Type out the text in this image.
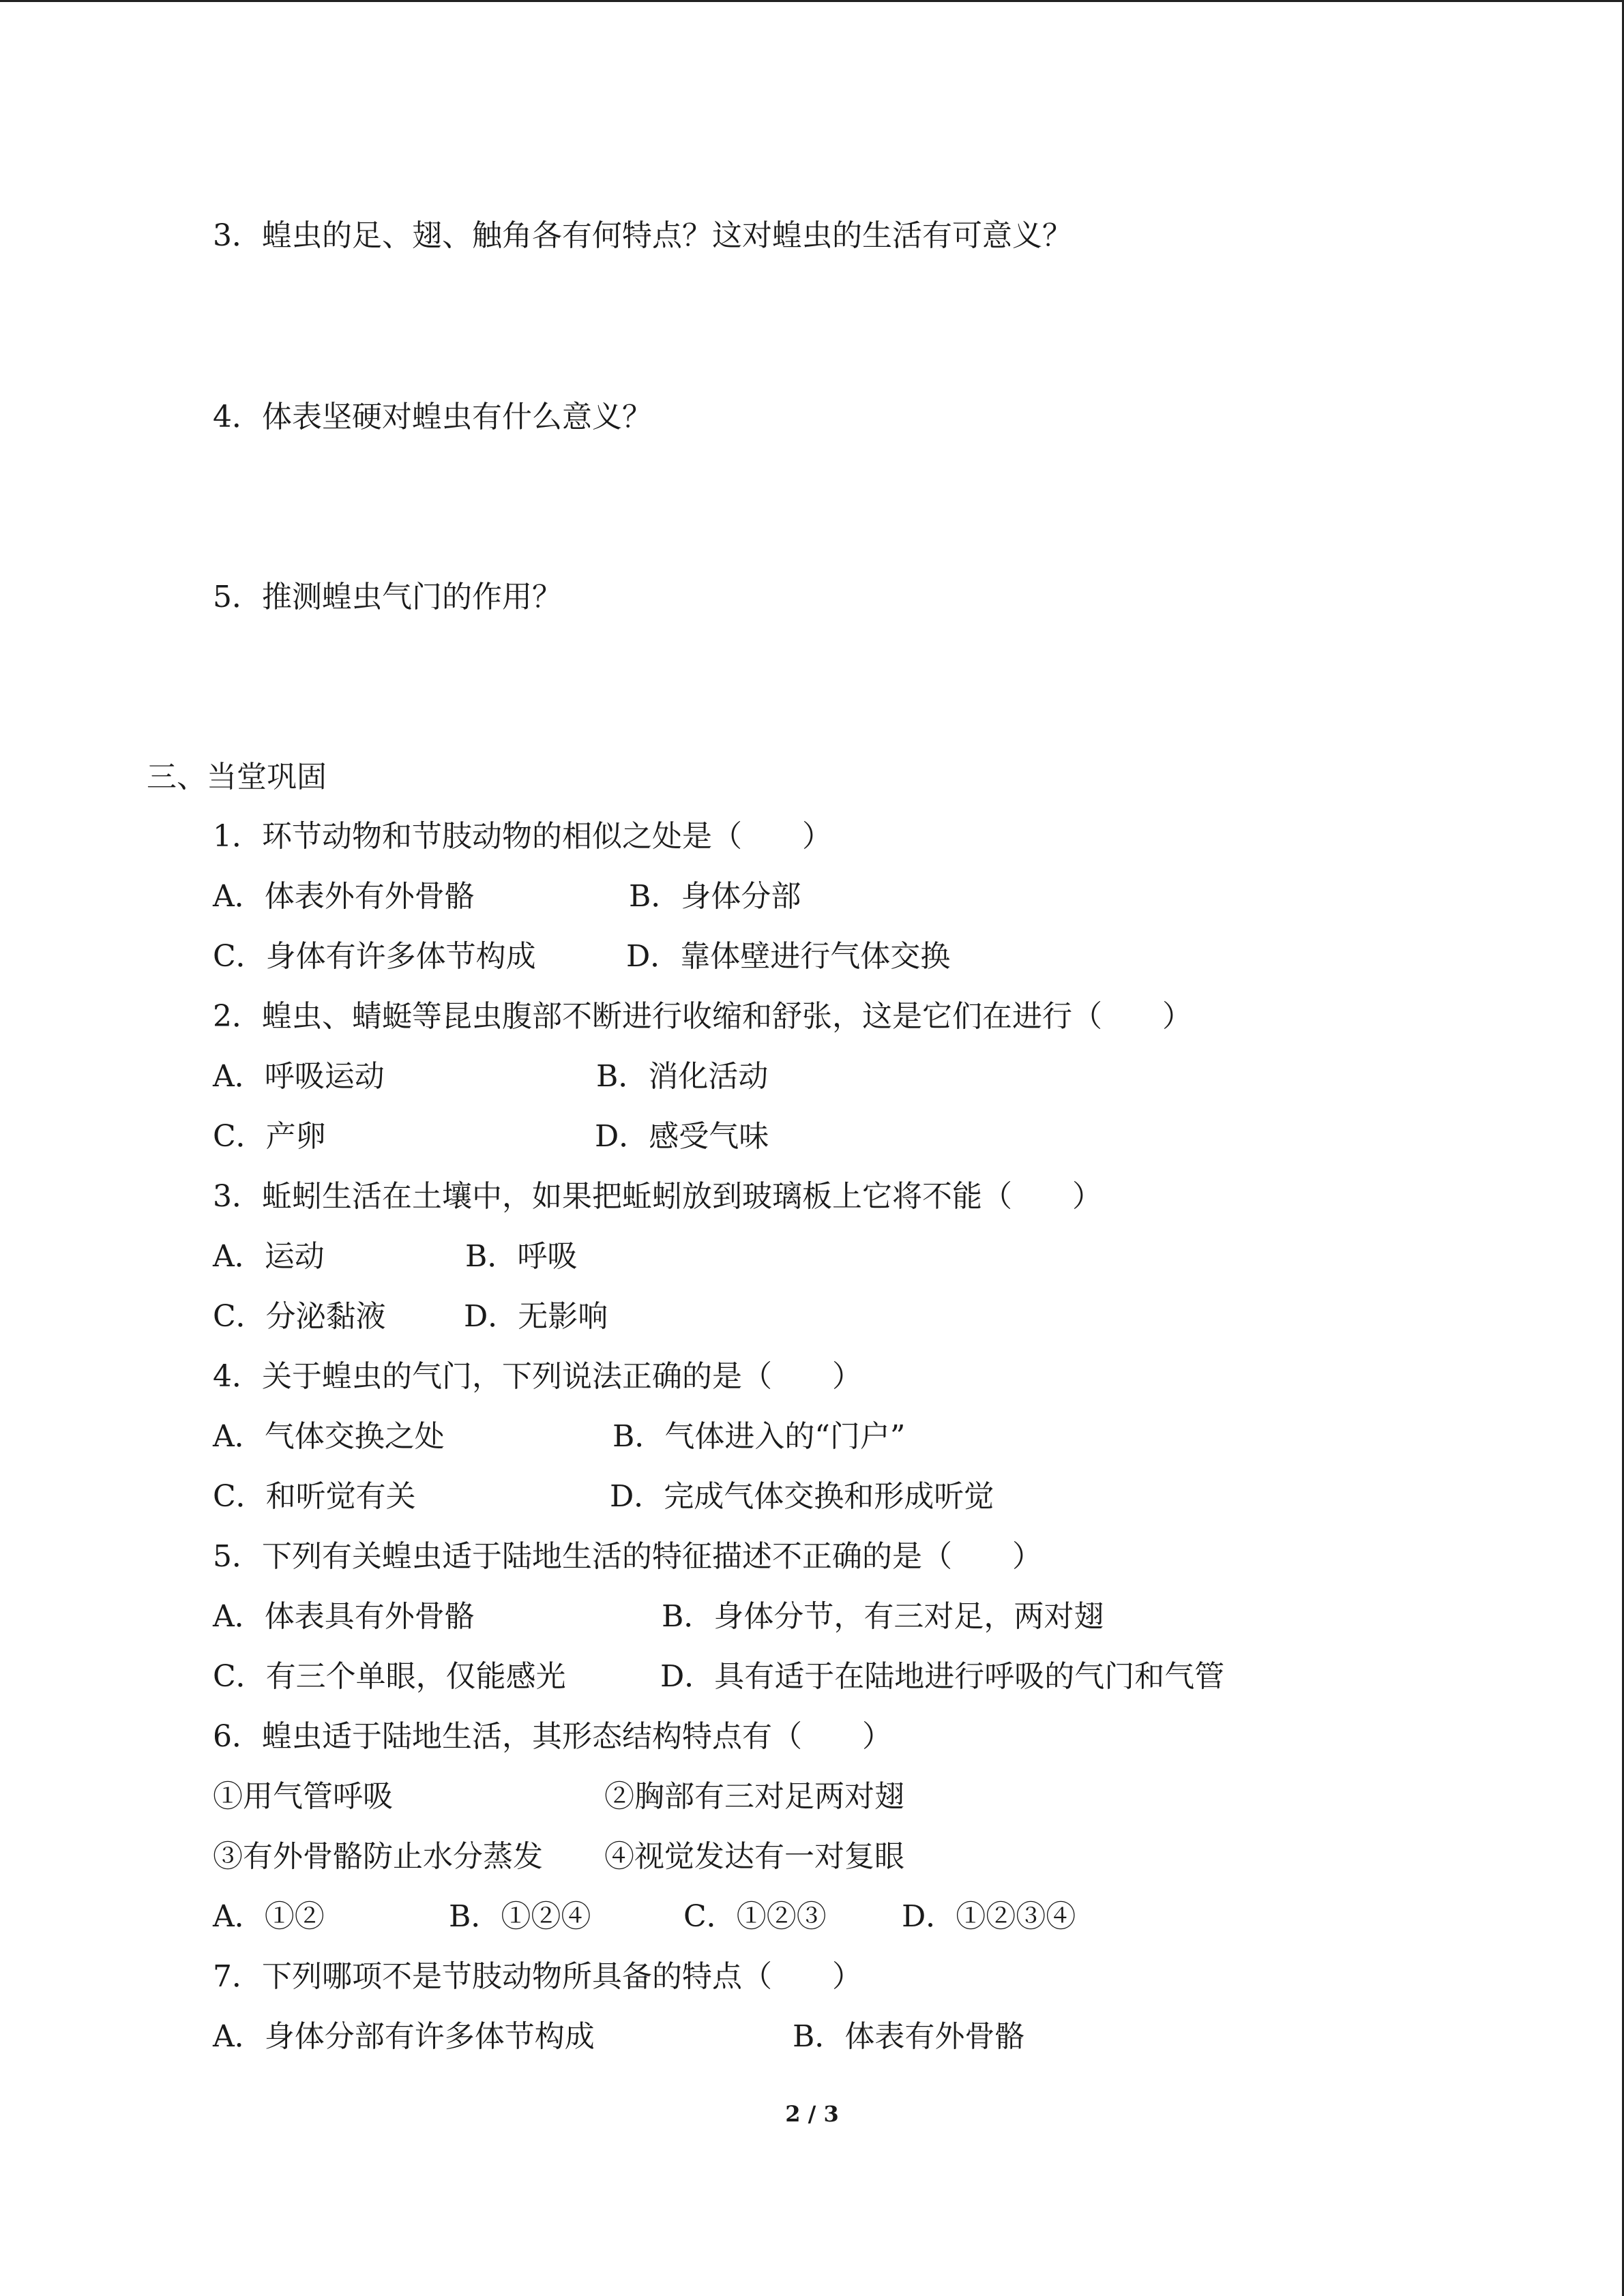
3．蝗虫的足、翅、触角各有何特点？这对蝗虫的生活有可意义？
4．体表坚硬对蝗虫有什么意义？
5．推测蝗虫气门的作用？
三、当堂巩固
1．环节动物和节肢动物的相似之处是（　　）
A．体表外有外骨骼	B．身体分部
C．身体有许多体节构成	D．靠体壁进行气体交换
2．蝗虫、蜻蜓等昆虫腹部不断进行收缩和舒张，这是它们在进行（　　）
A．呼吸运动	B．消化活动
C．产卵	D．感受气味
3．蚯蚓生活在土壤中，如果把蚯蚓放到玻璃板上它将不能（　　）
A．运动	B．呼吸
C．分泌黏液	D．无影响
4．关于蝗虫的气门，下列说法正确的是（　　）
A．气体交换之处	B．气体进入的“门户”
C．和听觉有关	D．完成气体交换和形成听觉
5．下列有关蝗虫适于陆地生活的特征描述不正确的是（　　）
A．体表具有外骨骼	B．身体分节，有三对足，两对翅
C．有三个单眼，仅能感光	D．具有适于在陆地进行呼吸的气门和气管
6．蝗虫适于陆地生活，其形态结构特点有（　　）
①用气管呼吸	②胸部有三对足两对翅
③有外骨骼防止水分蒸发 ④视觉发达有一对复眼
A．①②	B．①②④	C．①②③	D．①②③④
7．下列哪项不是节肢动物所具备的特点（　　）
A．身体分部有许多体节构成	B．体表有外骨骼
2 / 3
